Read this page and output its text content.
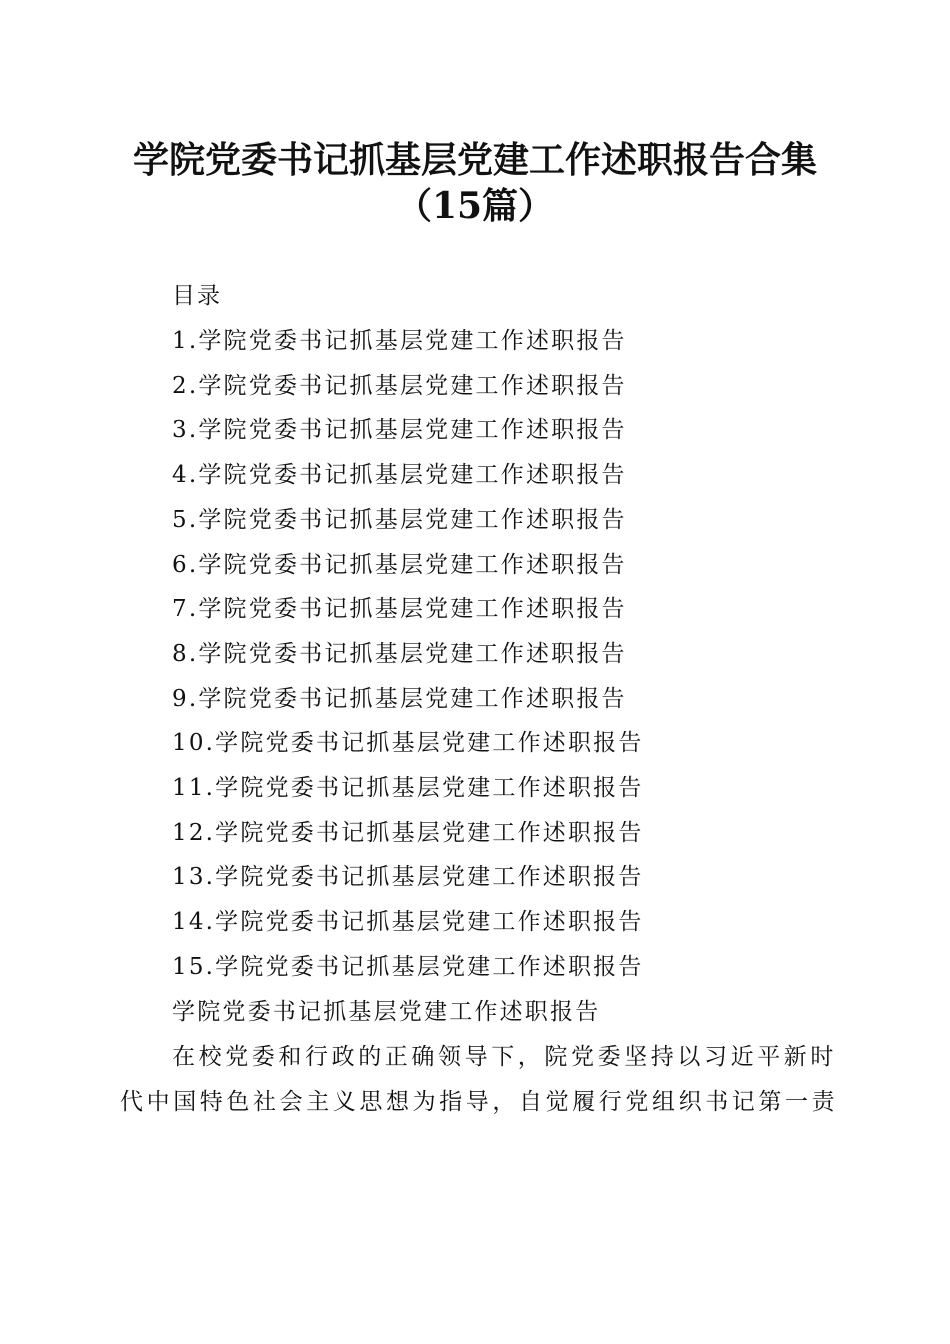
学院党委书记抓基层党建工作述职报告合集
（15篇）
目录
1.学院党委书记抓基层党建工作述职报告
2.学院党委书记抓基层党建工作述职报告
3.学院党委书记抓基层党建工作述职报告
4.学院党委书记抓基层党建工作述职报告
5.学院党委书记抓基层党建工作述职报告
6.学院党委书记抓基层党建工作述职报告
7.学院党委书记抓基层党建工作述职报告
8.学院党委书记抓基层党建工作述职报告
9.学院党委书记抓基层党建工作述职报告
10.学院党委书记抓基层党建工作述职报告
11.学院党委书记抓基层党建工作述职报告
12.学院党委书记抓基层党建工作述职报告
13.学院党委书记抓基层党建工作述职报告
14.学院党委书记抓基层党建工作述职报告
15.学院党委书记抓基层党建工作述职报告
学院党委书记抓基层党建工作述职报告
在校党委和行政的正确领导下，院党委坚持以习近平新时
代中国特色社会主义思想为指导，自觉履行党组织书记第一责
